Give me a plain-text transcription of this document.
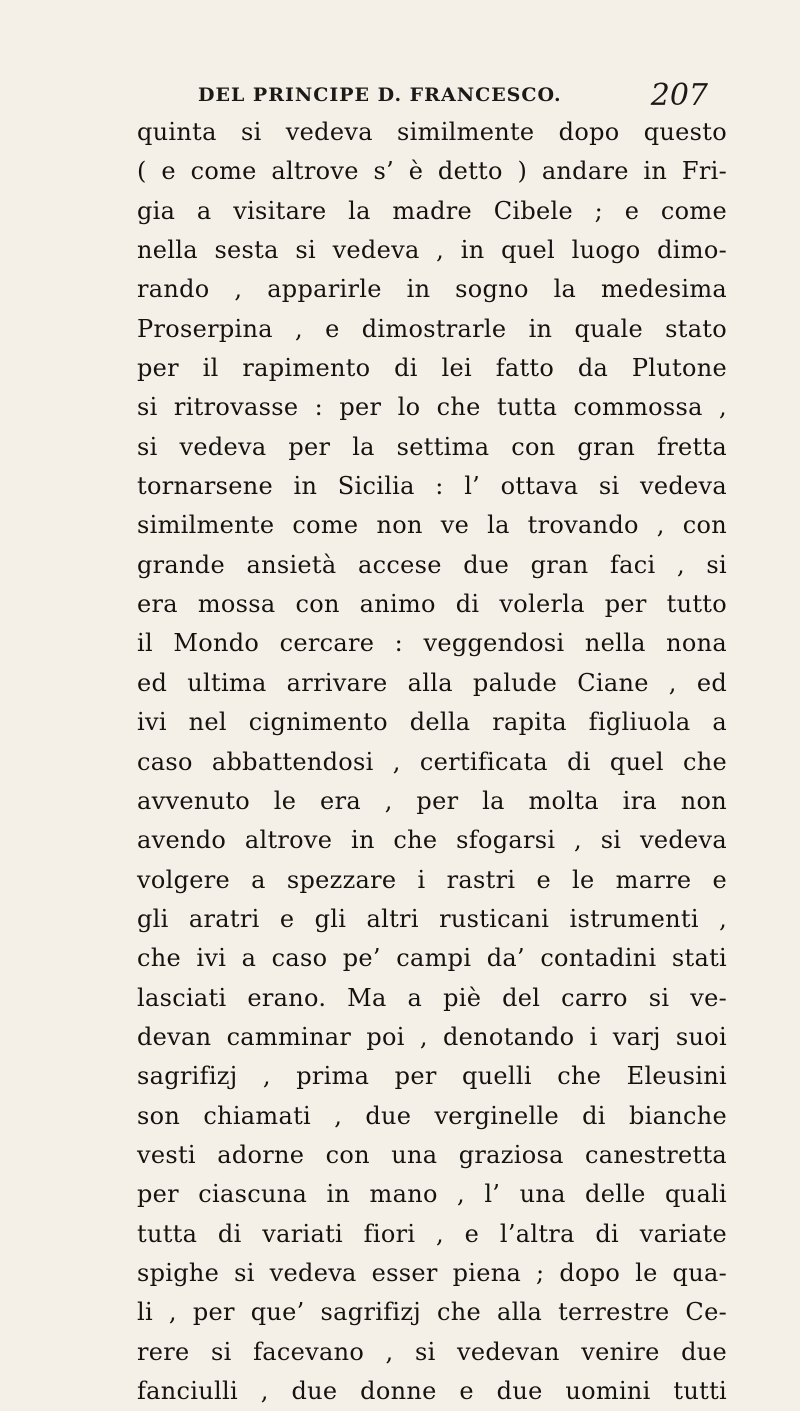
DEL PRINCIPE D. FRANCESCO.	207
quinta si vedeva similmente dopo questo
( e come altrove s’ è detto ) andare in Fri-
gia a visitare la madre Cibele ; e come
nella sesta si vedeva , in quel luogo dimo-
rando , apparirle in sogno la medesima
Proserpina , e dimostrarle in quale stato
per il rapimento di lei fatto da Plutone
si ritrovasse : per lo che tutta commossa ,
si vedeva per la settima con gran fretta
tornarsene in Sicilia : l’ ottava si vedeva
similmente come non ve la trovando , con
grande ansietà accese due gran faci , si
era mossa con animo di volerla per tutto
il Mondo cercare : veggendosi nella nona
ed ultima arrivare alla palude Ciane , ed
ivi nel cignimento della rapita figliuola a
caso abbattendosi , certificata di quel che
avvenuto le era , per la molta ira non
avendo altrove in che sfogarsi , si vedeva
volgere a spezzare i rastri e le marre e
gli aratri e gli altri rusticani istrumenti ,
che ivi a caso pe’ campi da’ contadini stati
lasciati erano. Ma a piè del carro si ve-
devan camminar poi , denotando i varj suoi
sagrifizj , prima per quelli che Eleusini
son chiamati , due verginelle di bianche
vesti adorne con una graziosa canestretta
per ciascuna in mano , l’ una delle quali
tutta di variati fiori , e l’altra di variate
spighe si vedeva esser piena ; dopo le qua-
li , per que’ sagrifizj che alla terrestre Ce-
rere si facevano , si vedevan venire due
fanciulli , due donne e due uomini tutti
